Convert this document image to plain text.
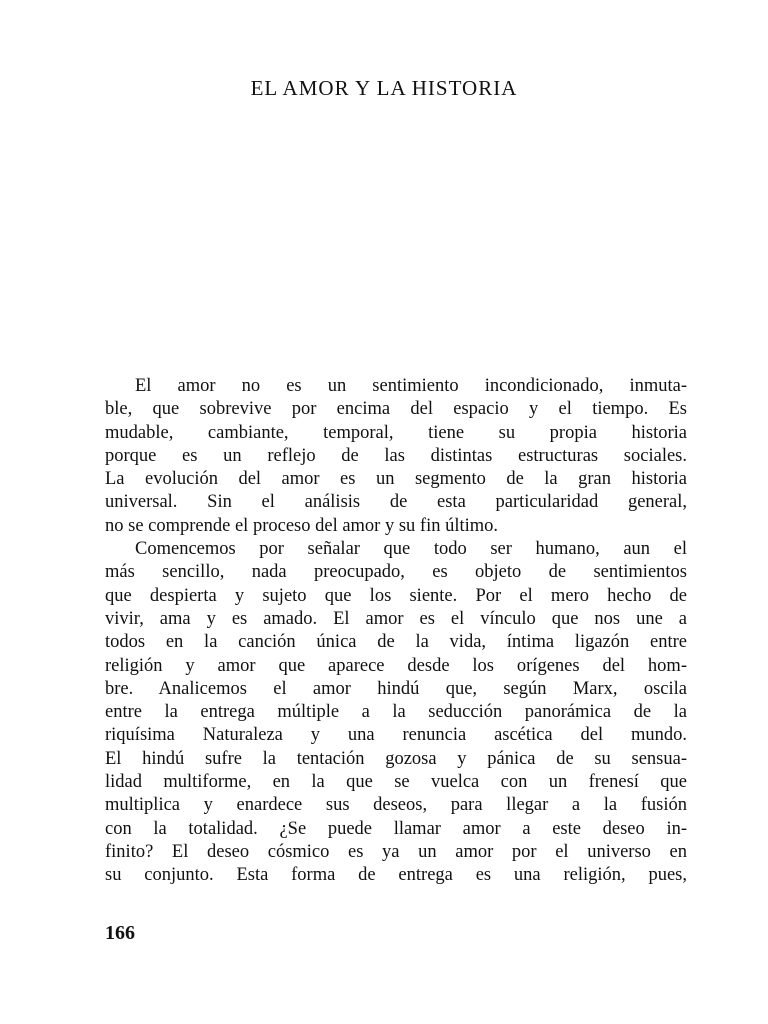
EL AMOR Y LA HISTORIA

El amor no es un sentimiento incondicionado, inmuta-
ble, que sobrevive por encima del espacio y el tiempo. Es
mudable, cambiante, temporal, tiene su propia historia
porque es un reflejo de las distintas estructuras sociales.
La evolución del amor es un segmento de la gran historia
universal. Sin el análisis de esta particularidad general,
no se comprende el proceso del amor y su fin último.

Comencemos por señalar que todo ser humano, aun el
más sencillo, nada preocupado, es objeto de sentimientos
que despierta y sujeto que los siente. Por el mero hecho de
vivir, ama y es amado. El amor es el vínculo que nos une a
todos en la canción única de la vida, íntima ligazón entre
religión y amor que aparece desde los orígenes del hom-
bre. Analicemos el amor hindú que, según Marx, oscila
entre la entrega múltiple a la seducción panorámica de la
riquísima Naturaleza y una renuncia ascética del mundo.
El hindú sufre la tentación gozosa y pánica de su sensua-
lidad multiforme, en la que se vuelca con un frenesí que
multiplica y enardece sus deseos, para llegar a la fusión
con la totalidad. ¿Se puede llamar amor a este deseo in-
finito? El deseo cósmico es ya un amor por el universo en
su conjunto. Esta forma de entrega es una religión, pues,

166
